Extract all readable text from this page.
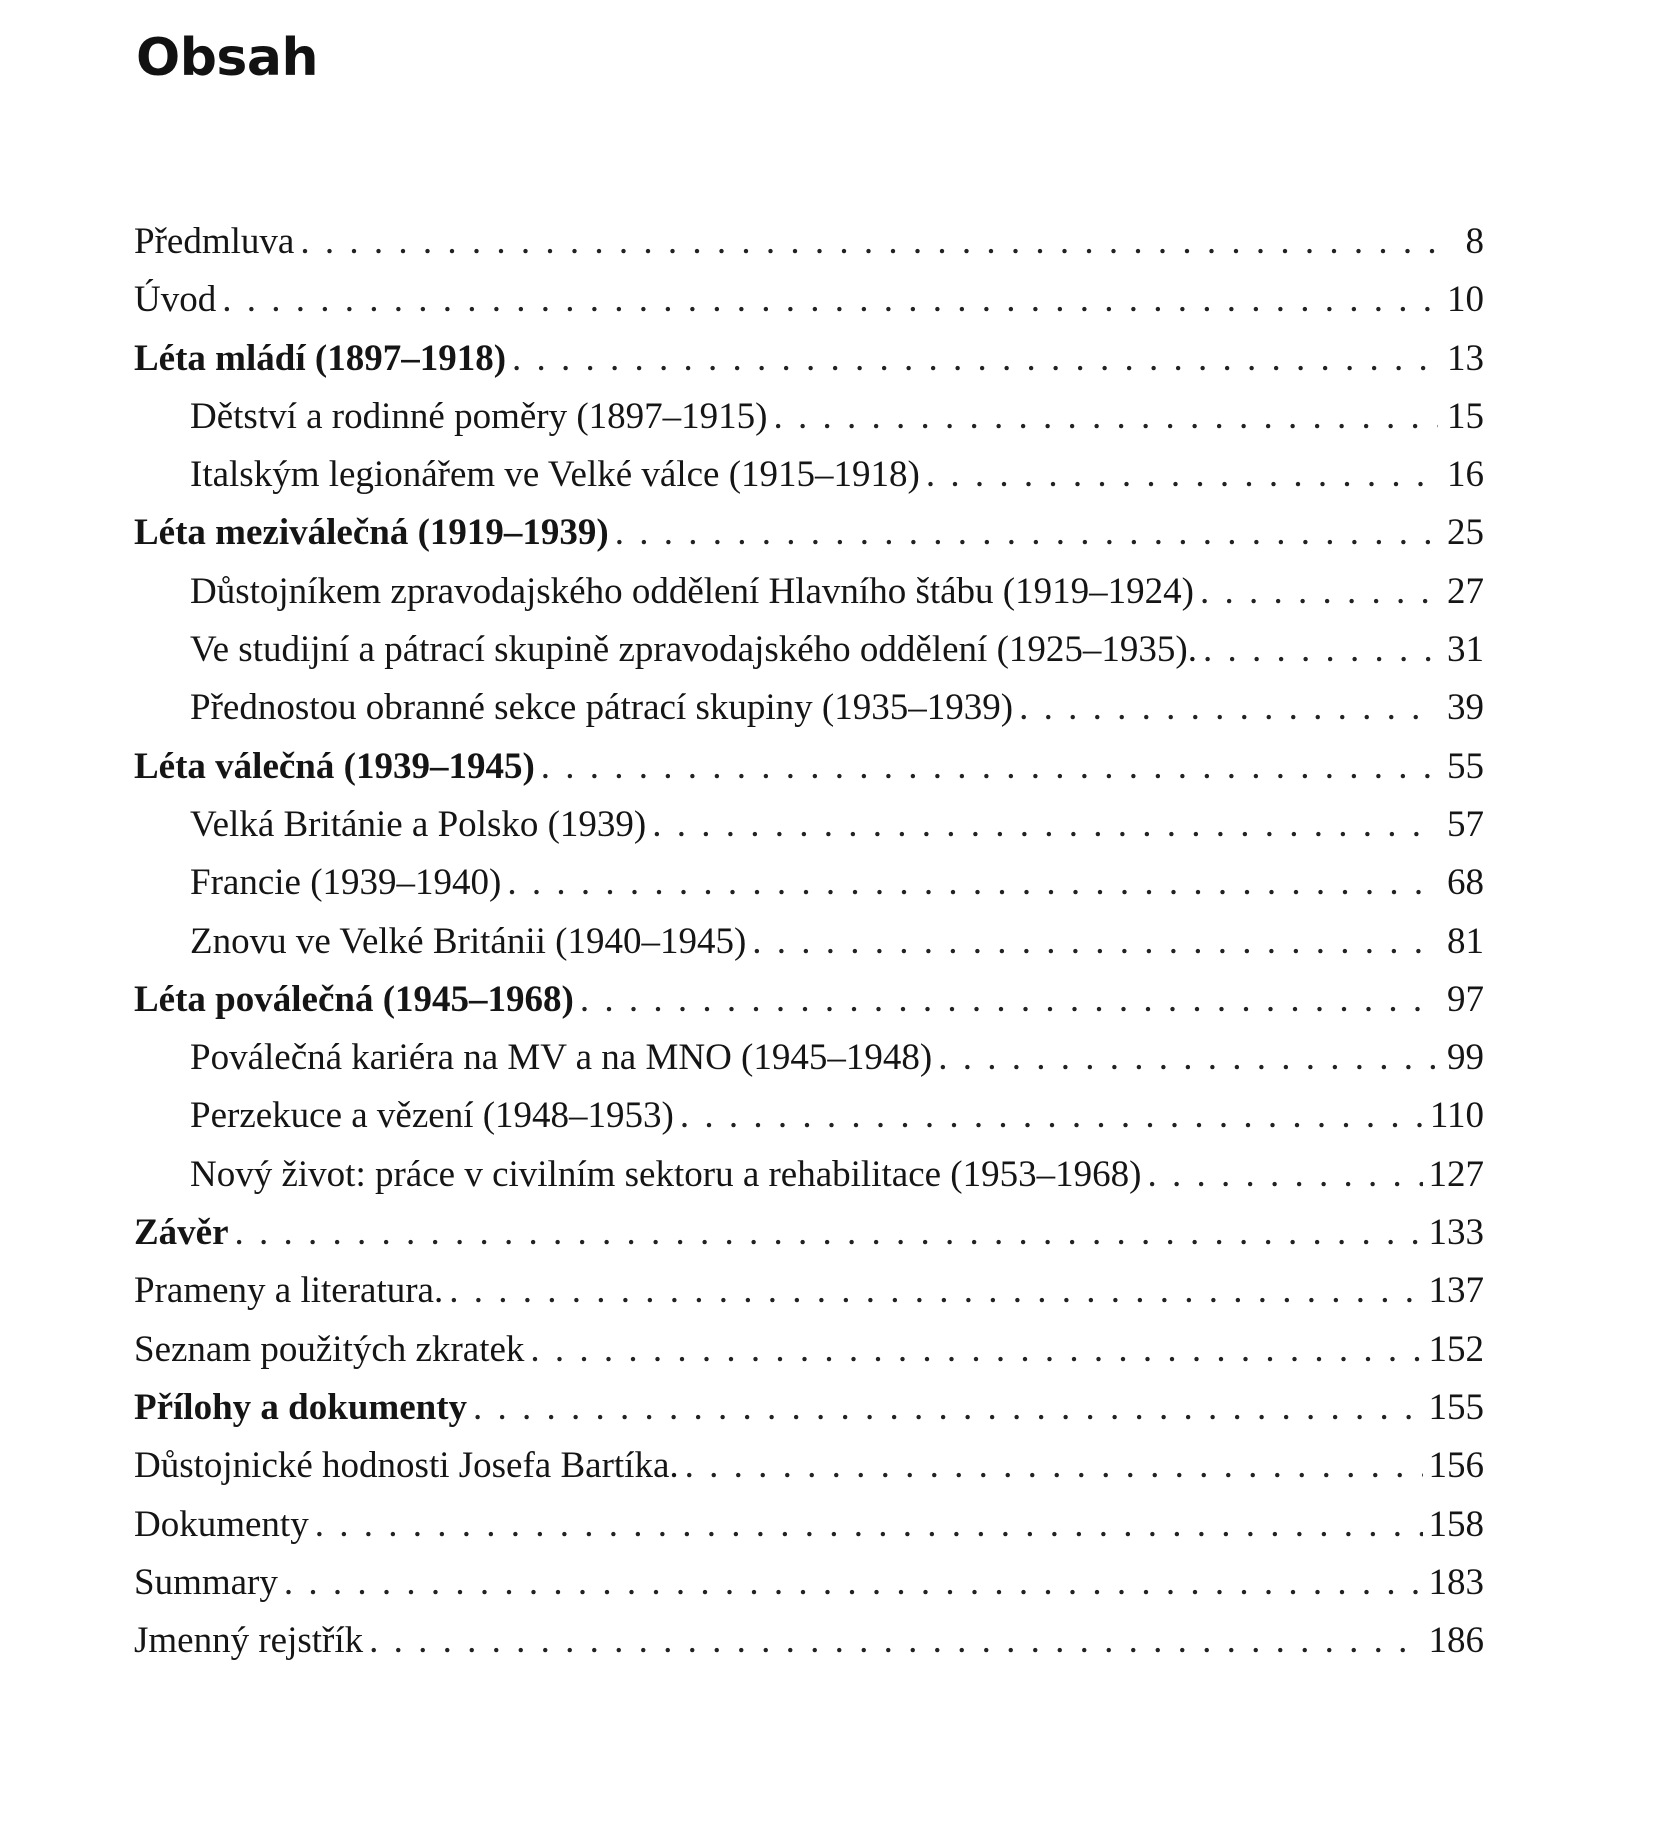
Obsah
Předmluva . . .	8
Úvod . . .	10
Léta mládí (1897–1918) . . .	13
Dětství a rodinné poměry (1897–1915) . . .	15
Italským legionářem ve Velké válce (1915–1918) . . .	16
Léta meziválečná (1919–1939) . . .	25
Důstojníkem zpravodajského oddělení Hlavního štábu (1919–1924) . . .	27
Ve studijní a pátrací skupině zpravodajského oddělení (1925–1935). . . .	31
Přednostou obranné sekce pátrací skupiny (1935–1939) . . .	39
Léta válečná (1939–1945) . . .	55
Velká Británie a Polsko (1939) . . .	57
Francie (1939–1940) . . .	68
Znovu ve Velké Británii (1940–1945) . . .	81
Léta poválečná (1945–1968) . . .	97
Poválečná kariéra na MV a na MNO (1945–1948) . . .	99
Perzekuce a vězení (1948–1953) . . .	110
Nový život: práce v civilním sektoru a rehabilitace (1953–1968) . . .	127
Závěr . . .	133
Prameny a literatura. . . .	137
Seznam použitých zkratek . . .	152
Přílohy a dokumenty . . .	155
Důstojnické hodnosti Josefa Bartíka. . . .	156
Dokumenty . . .	158
Summary . . .	183
Jmenný rejstřík . . .	186
